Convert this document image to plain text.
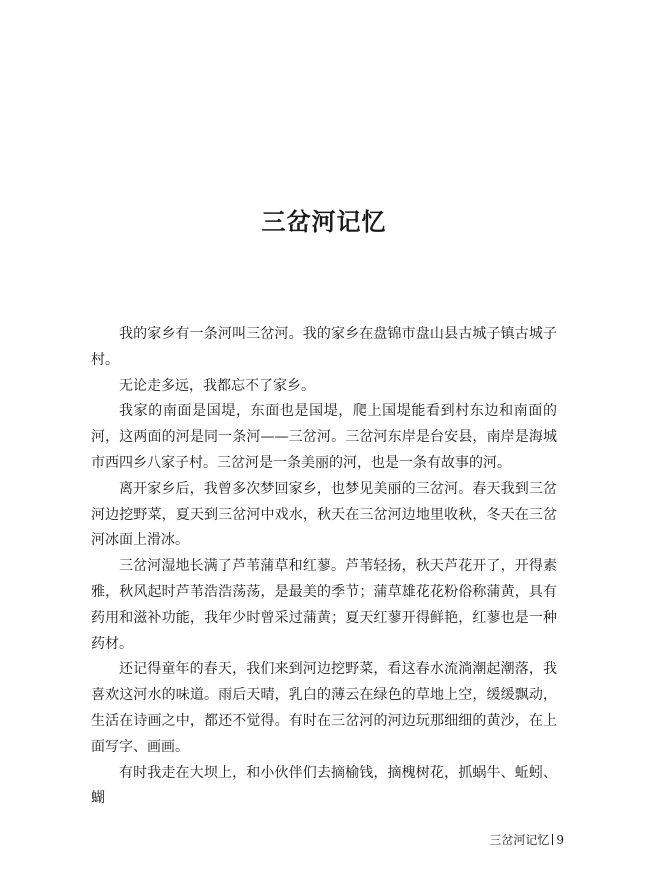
三岔河记忆

我的家乡有一条河叫三岔河。我的家乡在盘锦市盘山县古城子镇古城子村。

无论走多远，我都忘不了家乡。

我家的南面是国堤，东面也是国堤，爬上国堤能看到村东边和南面的河，这两面的河是同一条河——三岔河。三岔河东岸是台安县，南岸是海城市西四乡八家子村。三岔河是一条美丽的河，也是一条有故事的河。

离开家乡后，我曾多次梦回家乡，也梦见美丽的三岔河。春天我到三岔河边挖野菜，夏天到三岔河中戏水，秋天在三岔河边地里收秋，冬天在三岔河冰面上滑冰。

三岔河湿地长满了芦苇蒲草和红蓼。芦苇轻扬，秋天芦花开了，开得素雅，秋风起时芦苇浩浩荡荡，是最美的季节；蒲草雄花花粉俗称蒲黄，具有药用和滋补功能，我年少时曾采过蒲黄；夏天红蓼开得鲜艳，红蓼也是一种药材。

还记得童年的春天，我们来到河边挖野菜，看这春水流淌潮起潮落，我喜欢这河水的味道。雨后天晴，乳白的薄云在绿色的草地上空，缓缓飘动，生活在诗画之中，都还不觉得。有时在三岔河的河边玩那细细的黄沙，在上面写字、画画。

有时我走在大坝上，和小伙伴们去摘榆钱，摘槐树花，抓蜗牛、蚯蚓、蝴

三岔河记忆 9
